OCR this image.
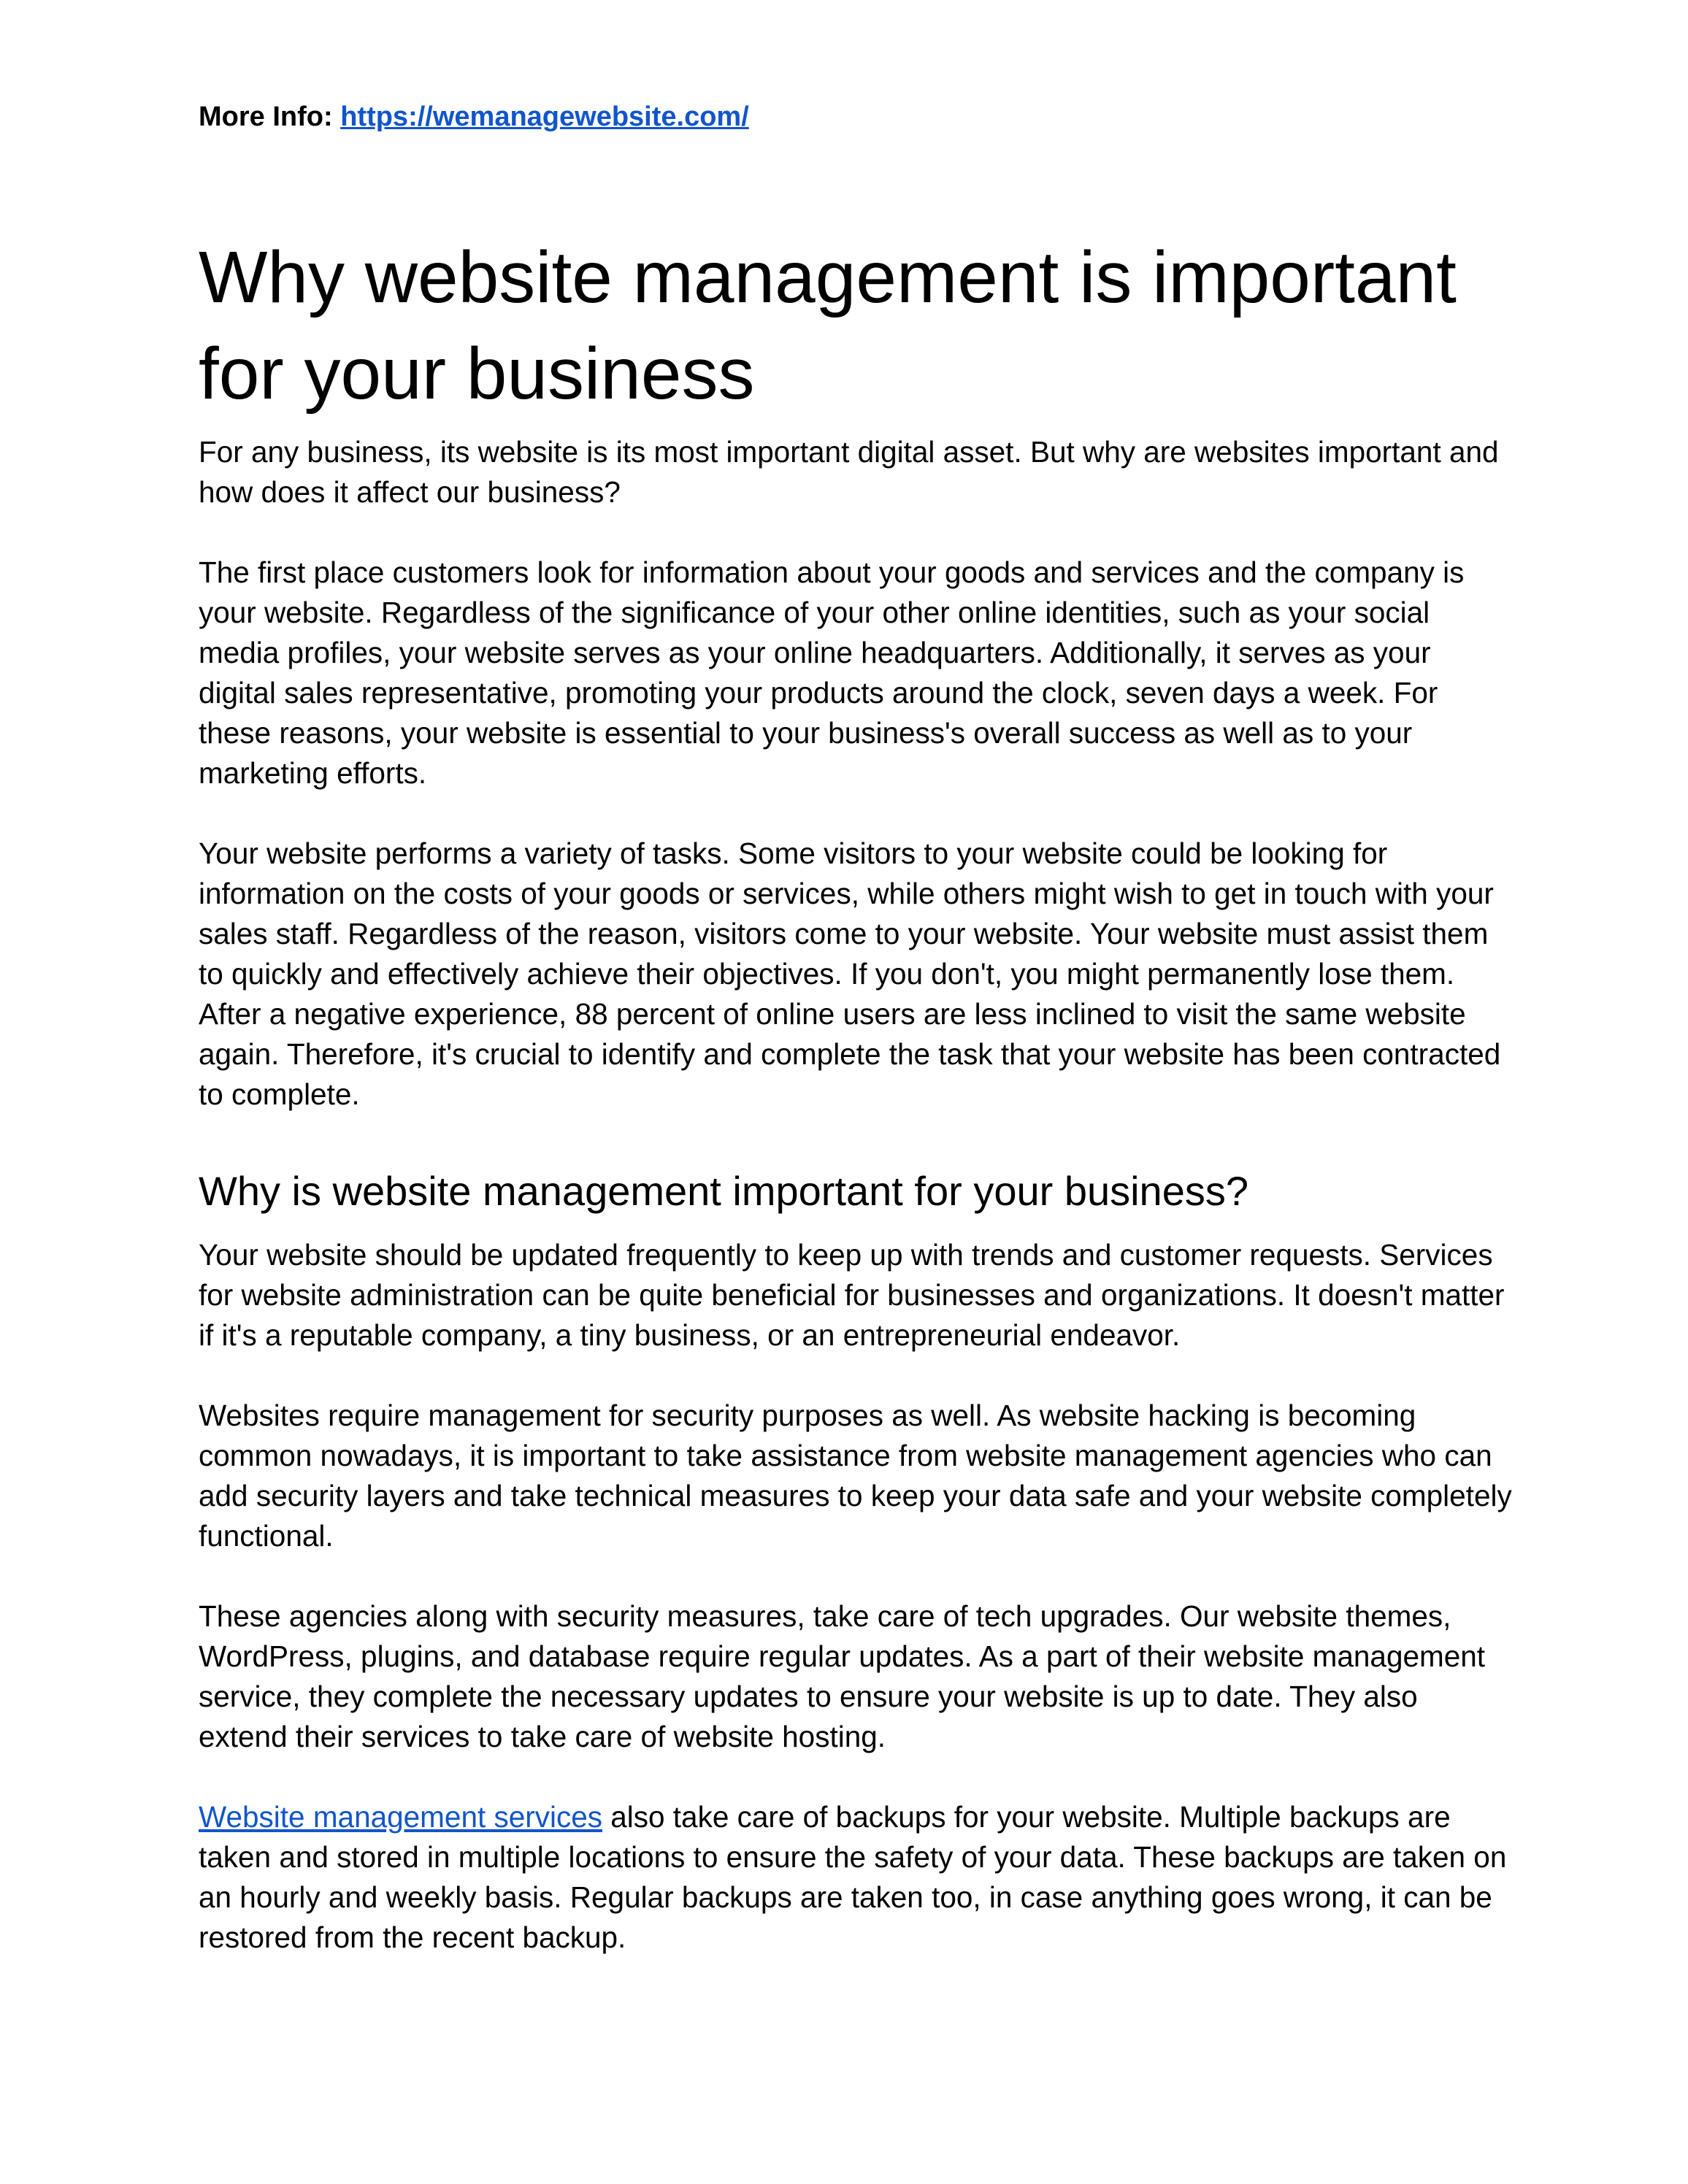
More Info: https://wemanagewebsite.com/

Why website management is important for your business

For any business, its website is its most important digital asset. But why are websites important and how does it affect our business?

The first place customers look for information about your goods and services and the company is your website. Regardless of the significance of your other online identities, such as your social media profiles, your website serves as your online headquarters. Additionally, it serves as your digital sales representative, promoting your products around the clock, seven days a week. For these reasons, your website is essential to your business's overall success as well as to your marketing efforts.

Your website performs a variety of tasks. Some visitors to your website could be looking for information on the costs of your goods or services, while others might wish to get in touch with your sales staff. Regardless of the reason, visitors come to your website. Your website must assist them to quickly and effectively achieve their objectives. If you don't, you might permanently lose them. After a negative experience, 88 percent of online users are less inclined to visit the same website again. Therefore, it's crucial to identify and complete the task that your website has been contracted to complete.

Why is website management important for your business?

Your website should be updated frequently to keep up with trends and customer requests. Services for website administration can be quite beneficial for businesses and organizations. It doesn't matter if it's a reputable company, a tiny business, or an entrepreneurial endeavor.

Websites require management for security purposes as well. As website hacking is becoming common nowadays, it is important to take assistance from website management agencies who can add security layers and take technical measures to keep your data safe and your website completely functional.

These agencies along with security measures, take care of tech upgrades. Our website themes, WordPress, plugins, and database require regular updates. As a part of their website management service, they complete the necessary updates to ensure your website is up to date. They also extend their services to take care of website hosting.

Website management services also take care of backups for your website. Multiple backups are taken and stored in multiple locations to ensure the safety of your data. These backups are taken on an hourly and weekly basis. Regular backups are taken too, in case anything goes wrong, it can be restored from the recent backup.
